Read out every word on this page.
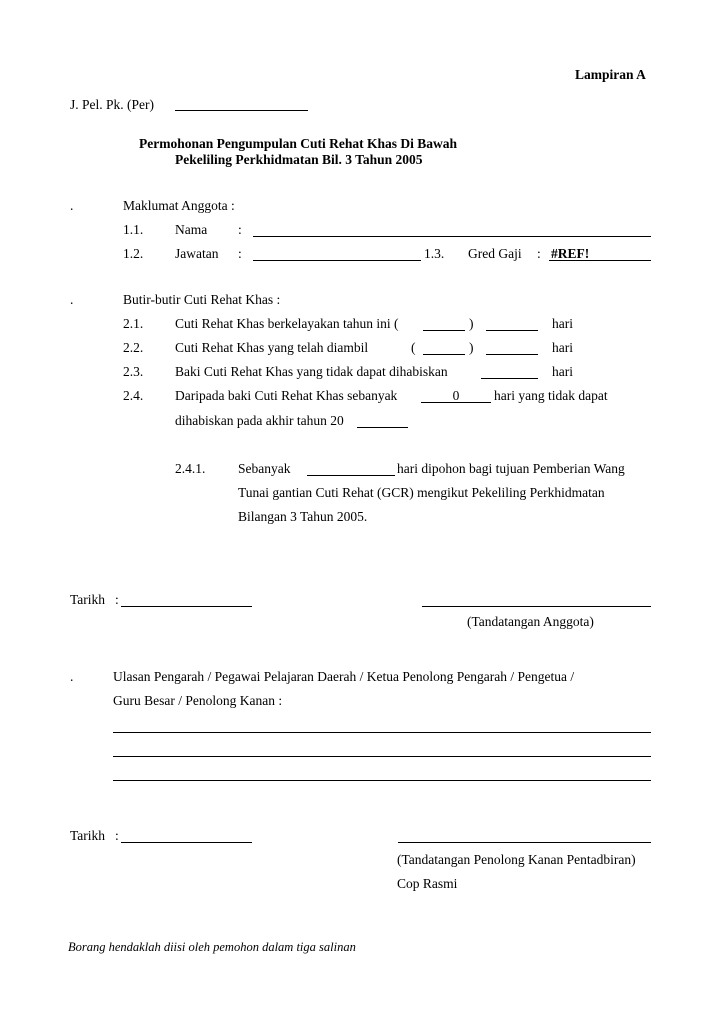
Lampiran A
J. Pel. Pk. (Per)
Permohonan Pengumpulan Cuti Rehat Khas Di Bawah
Pekeliling Perkhidmatan Bil. 3 Tahun 2005
.	Maklumat Anggota :
1.1. Nama :
1.2. Jawatan :	1.3. Gred Gaji : #REF!
.	Butir-butir Cuti Rehat Khas :
2.1. Cuti Rehat Khas berkelayakan tahun ini (	)	hari
2.2. Cuti Rehat Khas yang telah diambil	(	)	hari
2.3. Baki Cuti Rehat Khas yang tidak dapat dihabiskan	hari
2.4. Daripada baki Cuti Rehat Khas sebanyak	0	hari yang tidak dapat
dihabiskan pada akhir tahun 20
2.4.1. Sebanyak	hari dipohon bagi tujuan Pemberian Wang
Tunai gantian Cuti Rehat (GCR) mengikut Pekeliling Perkhidmatan
Bilangan 3 Tahun 2005.
Tarikh :
(Tandatangan Anggota)
.	Ulasan Pengarah / Pegawai Pelajaran Daerah / Ketua Penolong Pengarah / Pengetua /
Guru Besar / Penolong Kanan :
Tarikh :
(Tandatangan Penolong Kanan Pentadbiran)
Cop Rasmi
Borang hendaklah diisi oleh pemohon dalam tiga salinan
